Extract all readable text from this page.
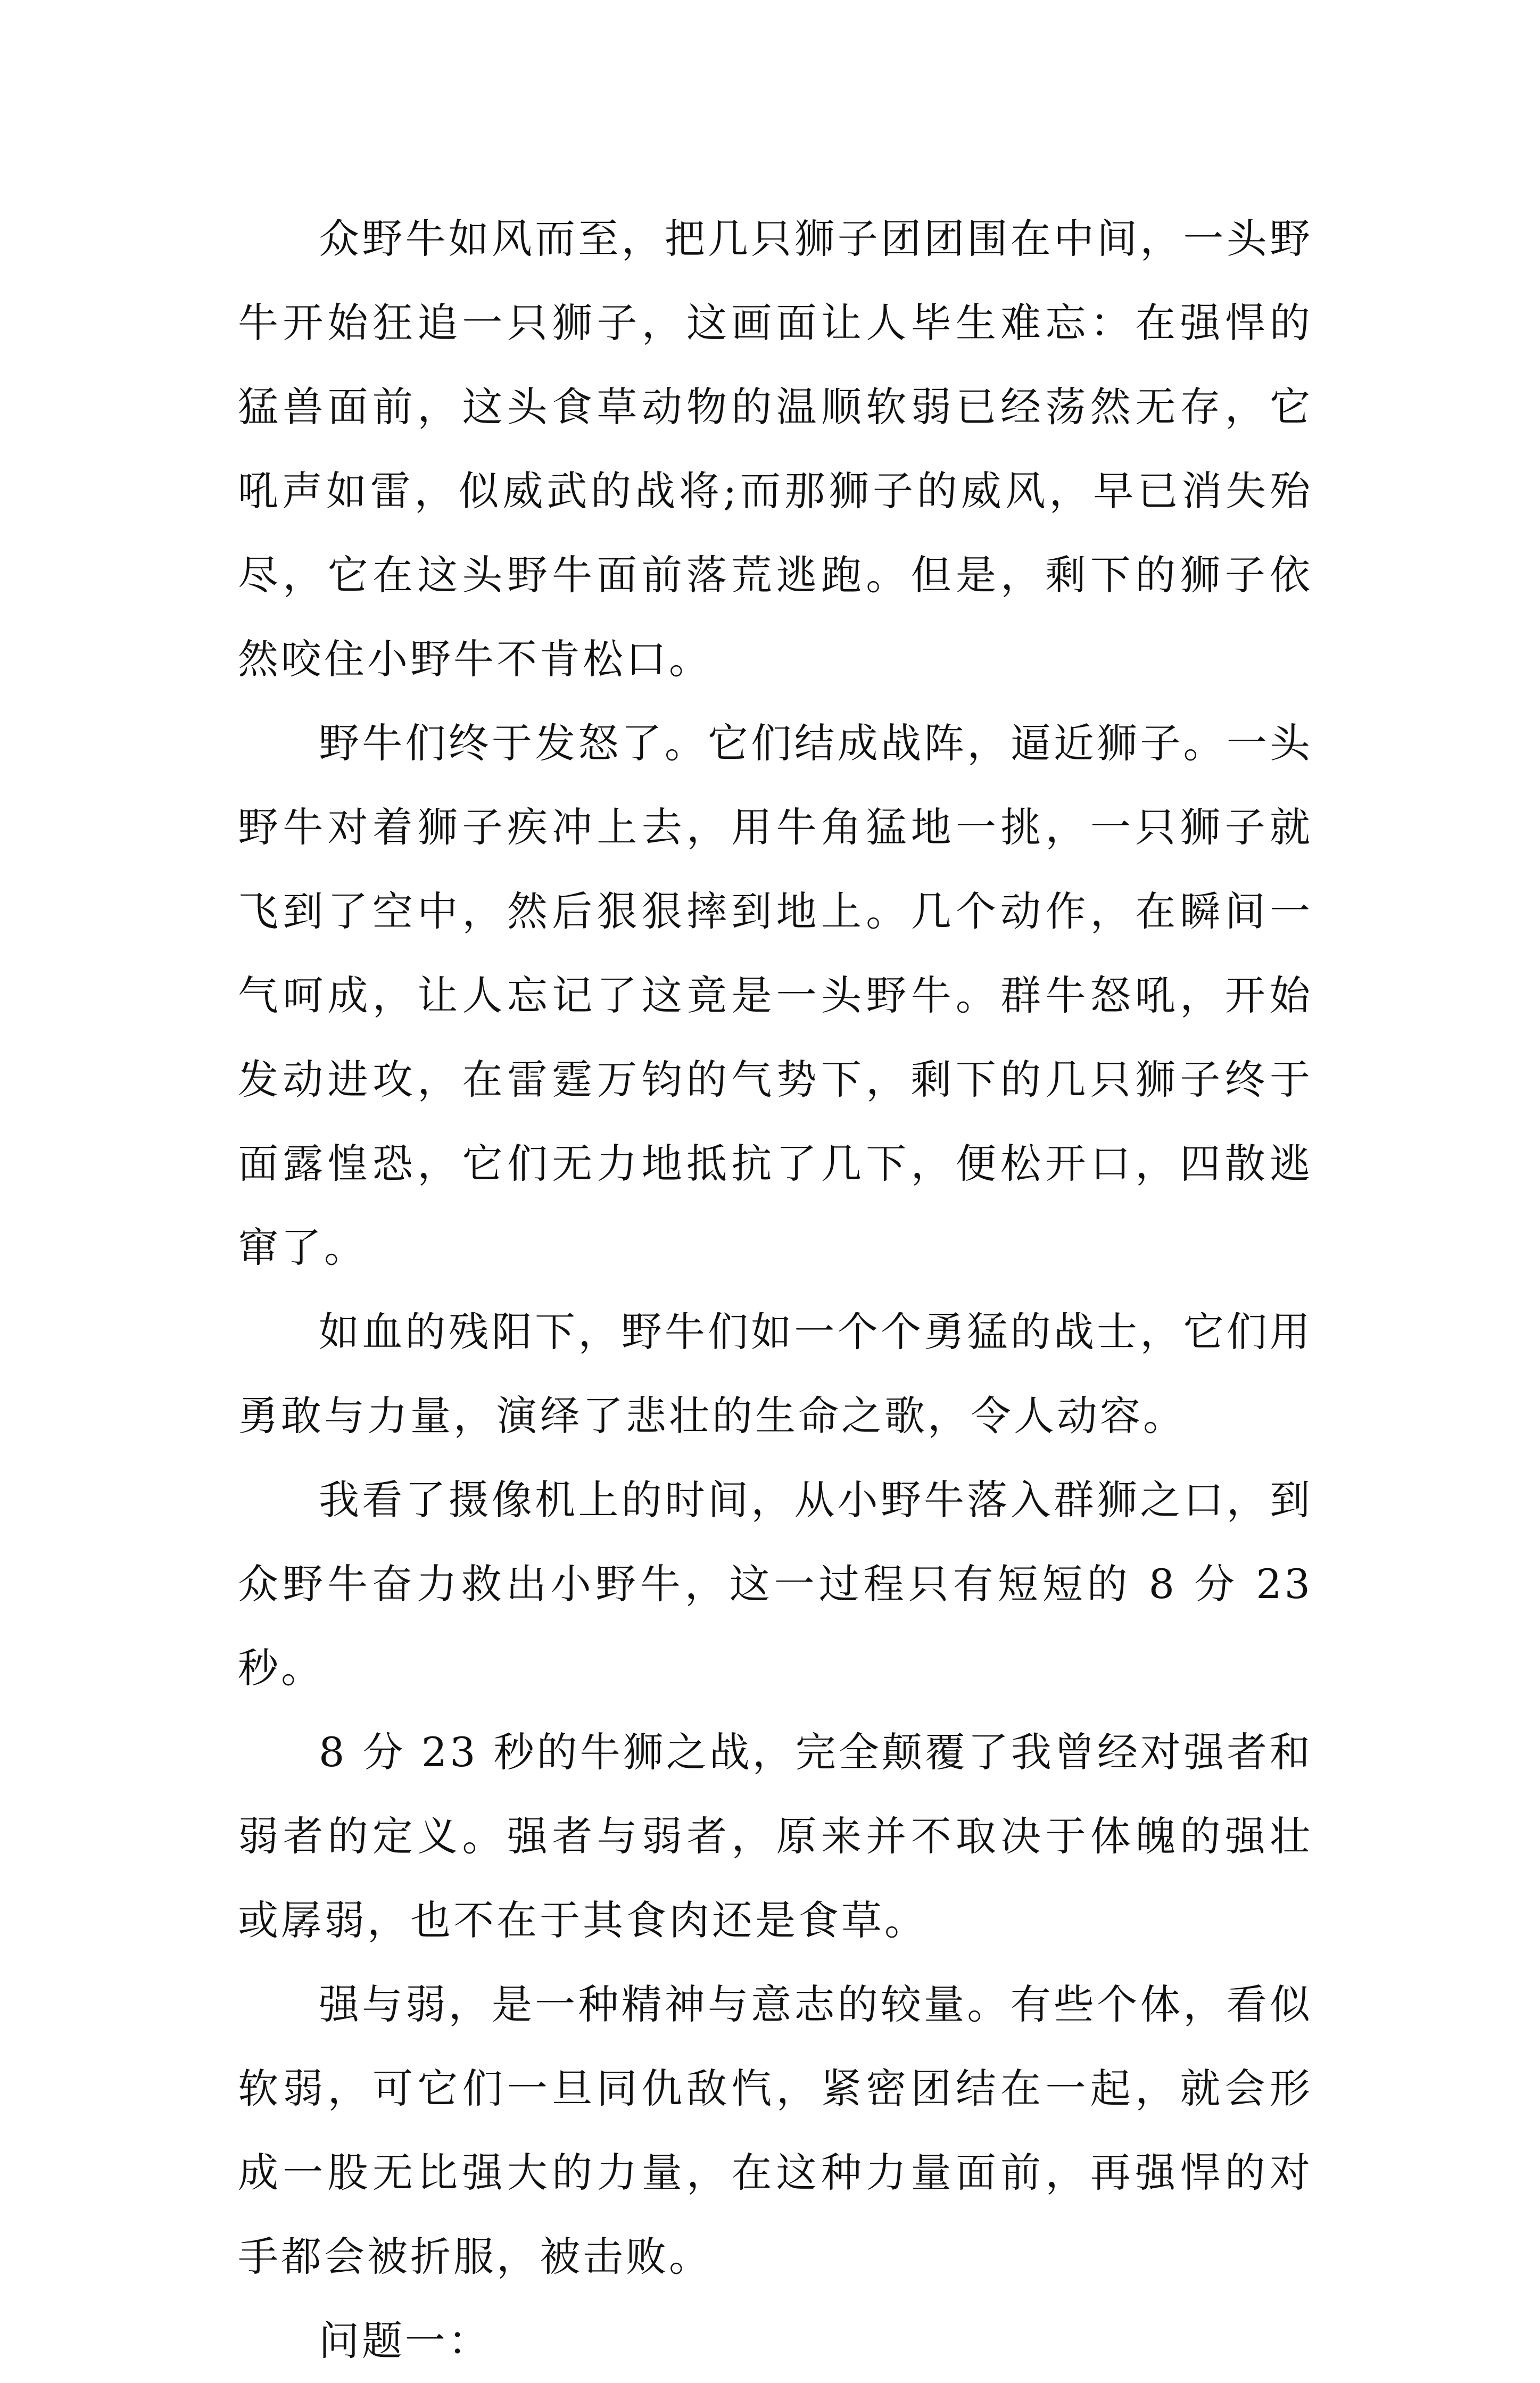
众野牛如风而至，把几只狮子团团围在中间，一头野牛开始狂追一只狮子，这画面让人毕生难忘：在强悍的猛兽面前，这头食草动物的温顺软弱已经荡然无存，它吼声如雷，似威武的战将;而那狮子的威风，早已消失殆尽，它在这头野牛面前落荒逃跑。但是，剩下的狮子依然咬住小野牛不肯松口。

野牛们终于发怒了。它们结成战阵，逼近狮子。一头野牛对着狮子疾冲上去，用牛角猛地一挑，一只狮子就飞到了空中，然后狠狠摔到地上。几个动作，在瞬间一气呵成，让人忘记了这竟是一头野牛。群牛怒吼，开始发动进攻，在雷霆万钧的气势下，剩下的几只狮子终于面露惶恐，它们无力地抵抗了几下，便松开口，四散逃窜了。

如血的残阳下，野牛们如一个个勇猛的战士，它们用勇敢与力量，演绎了悲壮的生命之歌，令人动容。

我看了摄像机上的时间，从小野牛落入群狮之口，到众野牛奋力救出小野牛，这一过程只有短短的 8 分 23 秒。

8 分 23 秒的牛狮之战，完全颠覆了我曾经对强者和弱者的定义。强者与弱者，原来并不取决于体魄的强壮或孱弱，也不在于其食肉还是食草。

强与弱，是一种精神与意志的较量。有些个体，看似软弱，可它们一旦同仇敌忾，紧密团结在一起，就会形成一股无比强大的力量，在这种力量面前，再强悍的对手都会被折服，被击败。

问题一：
